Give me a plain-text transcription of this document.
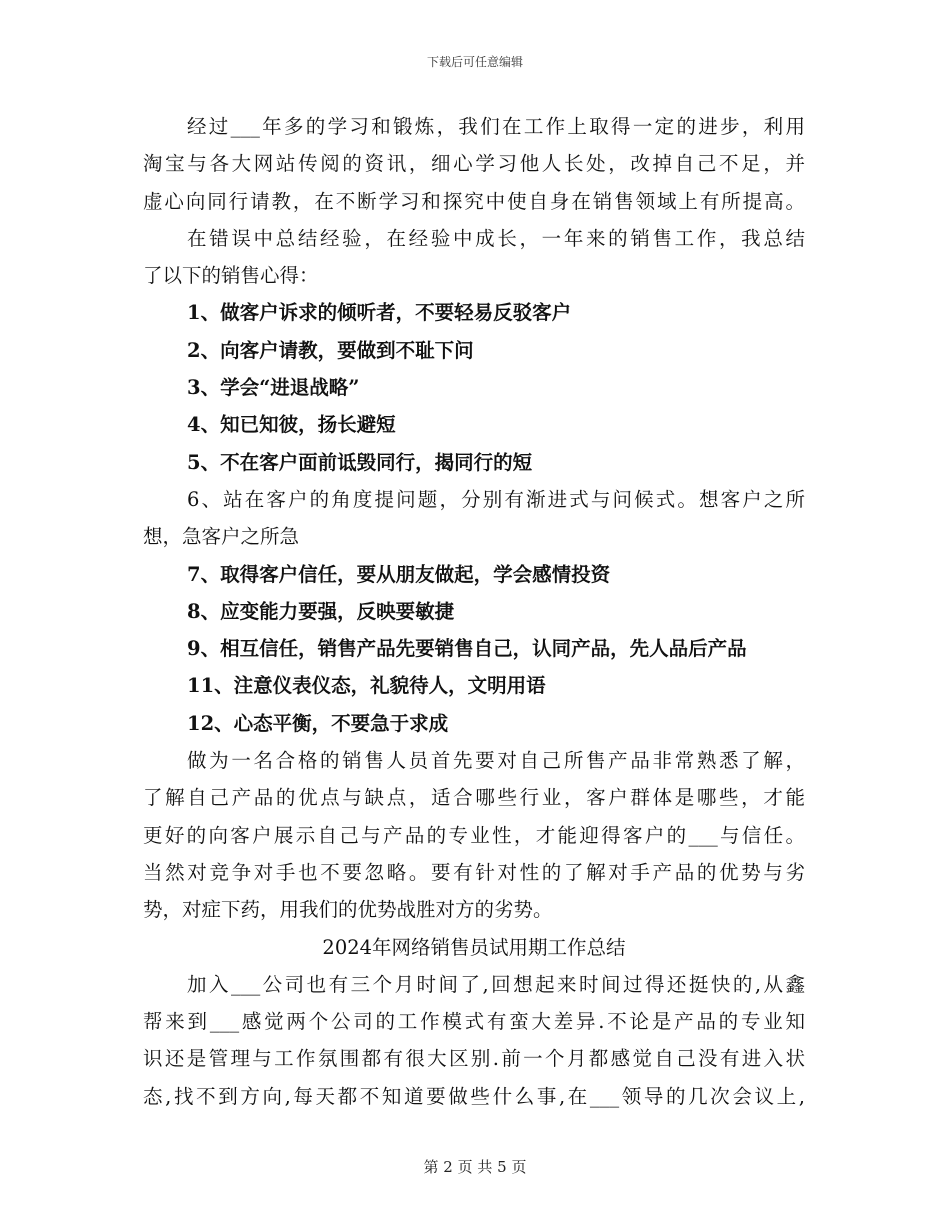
下载后可任意编辑
经过___年多的学习和锻炼，我们在工作上取得一定的进步，利用
淘宝与各大网站传阅的资讯，细心学习他人长处，改掉自己不足，并
虚心向同行请教，在不断学习和探究中使自身在销售领域上有所提高。
在错误中总结经验，在经验中成长，一年来的销售工作，我总结
了以下的销售心得：
1、做客户诉求的倾听者，不要轻易反驳客户
2、向客户请教，要做到不耻下问
3、学会“进退战略”
4、知已知彼，扬长避短
5、不在客户面前诋毁同行，揭同行的短
6、站在客户的角度提问题，分别有渐进式与问候式。想客户之所
想，急客户之所急
7、取得客户信任，要从朋友做起，学会感情投资
8、应变能力要强，反映要敏捷
9、相互信任，销售产品先要销售自己，认同产品，先人品后产品
11、注意仪表仪态，礼貌待人，文明用语
12、心态平衡，不要急于求成
做为一名合格的销售人员首先要对自己所售产品非常熟悉了解，
了解自己产品的优点与缺点，适合哪些行业，客户群体是哪些，才能
更好的向客户展示自己与产品的专业性，才能迎得客户的___与信任。
当然对竞争对手也不要忽略。要有针对性的了解对手产品的优势与劣
势，对症下药，用我们的优势战胜对方的劣势。
2024年网络销售员试用期工作总结
加入___公司也有三个月时间了,回想起来时间过得还挺快的,从鑫
帮来到___感觉两个公司的工作模式有蛮大差异.不论是产品的专业知
识还是管理与工作氛围都有很大区别.前一个月都感觉自己没有进入状
态,找不到方向,每天都不知道要做些什么事,在___领导的几次会议上,
第 2 页 共 5 页
